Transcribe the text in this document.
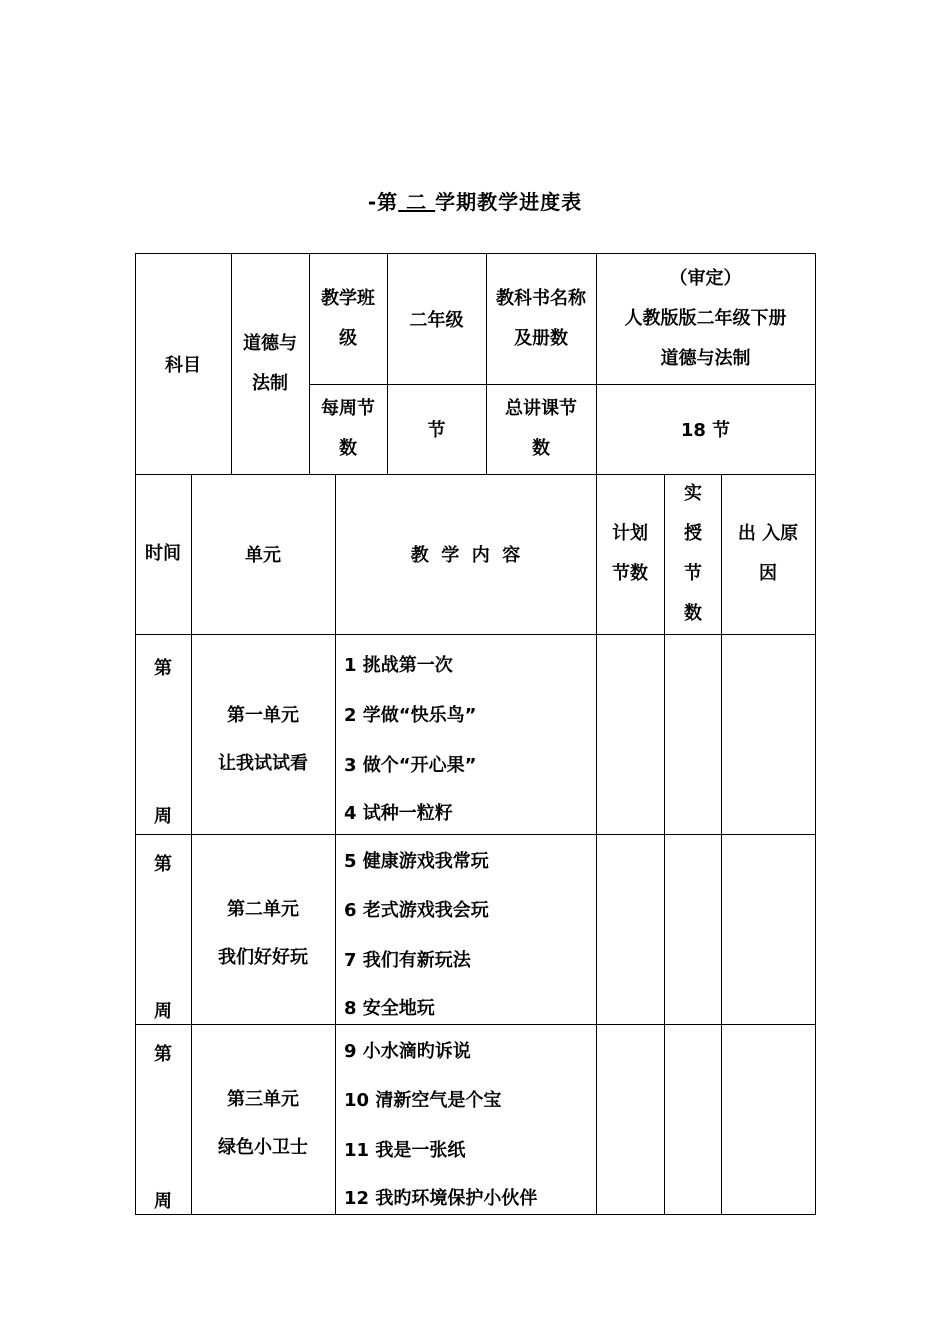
-第 二 学期教学进度表
科目
道德与法制
教学班级
二年级
教科书名称及册数
（审定）
人教版版二年级下册
道德与法制
每周节数
节
总讲课节数
18 节
时间	单元	教  学  内  容
计划节数
实授节数
出 入原 因
第
周
第一单元
让我试试看
1 挑战第一次
2 学做“快乐鸟”
3 做个“开心果”
4 试种一粒籽
第
周
第二单元
我们好好玩
5 健康游戏我常玩
6 老式游戏我会玩
7 我们有新玩法
8 安全地玩
第
周
第三单元
绿色小卫士
9 小水滴旳诉说
10 清新空气是个宝
11 我是一张纸
12 我旳环境保护小伙伴
